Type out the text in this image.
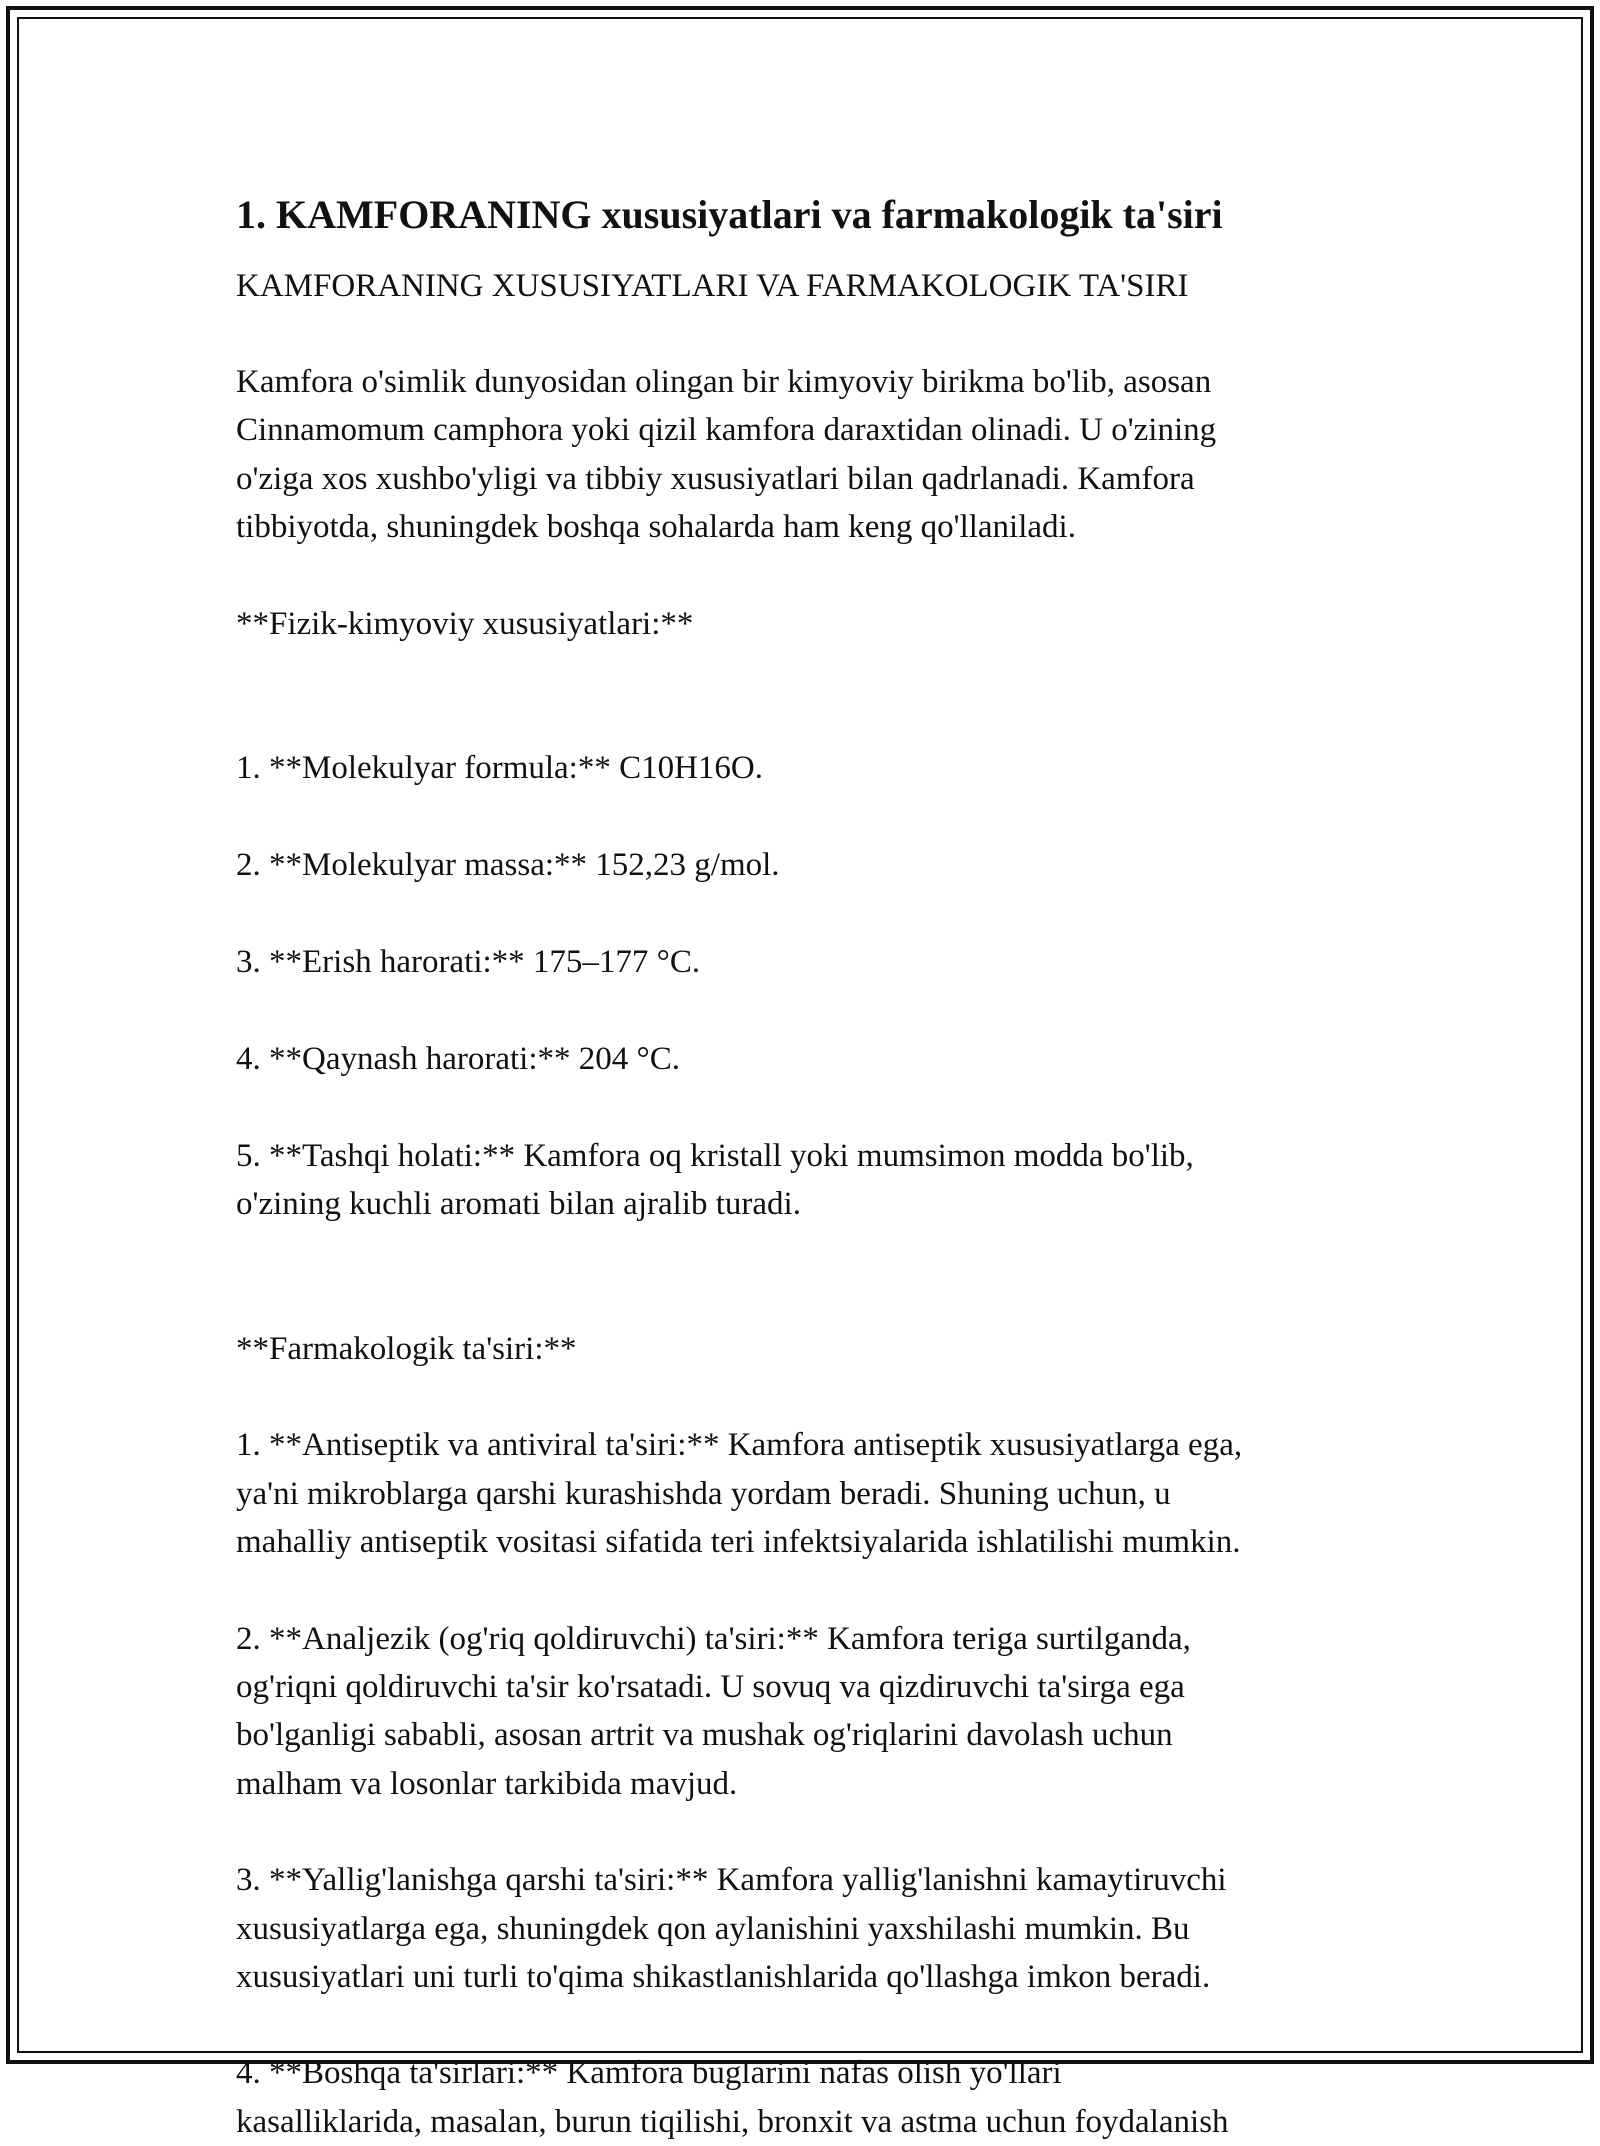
1. KAMFORANING xususiyatlari va farmakologik ta'siri
KAMFORANING XUSUSIYATLARI VA FARMAKOLOGIK TA'SIRI
Kamfora o'simlik dunyosidan olingan bir kimyoviy birikma bo'lib, asosan
Cinnamomum camphora yoki qizil kamfora daraxtidan olinadi. U o'zining
o'ziga xos xushbo'yligi va tibbiy xususiyatlari bilan qadrlanadi. Kamfora
tibbiyotda, shuningdek boshqa sohalarda ham keng qo'llaniladi.
**Fizik-kimyoviy xususiyatlari:**

1. **Molekulyar formula:** C10H16O.

2. **Molekulyar massa:** 152,23 g/mol.

3. **Erish harorati:** 175–177 °C.

4. **Qaynash harorati:** 204 °C.

5. **Tashqi holati:** Kamfora oq kristall yoki mumsimon modda bo'lib,
o'zining kuchli aromati bilan ajralib turadi.

**Farmakologik ta'siri:**
1. **Antiseptik va antiviral ta'siri:** Kamfora antiseptik xususiyatlarga ega,
ya'ni mikroblarga qarshi kurashishda yordam beradi. Shuning uchun, u
mahalliy antiseptik vositasi sifatida teri infektsiyalarida ishlatilishi mumkin.
2. **Analjezik (og'riq qoldiruvchi) ta'siri:** Kamfora teriga surtilganda,
og'riqni qoldiruvchi ta'sir ko'rsatadi. U sovuq va qizdiruvchi ta'sirga ega
bo'lganligi sababli, asosan artrit va mushak og'riqlarini davolash uchun
malham va losonlar tarkibida mavjud.
3. **Yallig'lanishga qarshi ta'siri:** Kamfora yallig'lanishni kamaytiruvchi
xususiyatlarga ega, shuningdek qon aylanishini yaxshilashi mumkin. Bu
xususiyatlari uni turli to'qima shikastlanishlarida qo'llashga imkon beradi.
4. **Boshqa ta'sirlari:** Kamfora buglarini nafas olish yo'llari
kasalliklarida, masalan, burun tiqilishi, bronxit va astma uchun foydalanish
